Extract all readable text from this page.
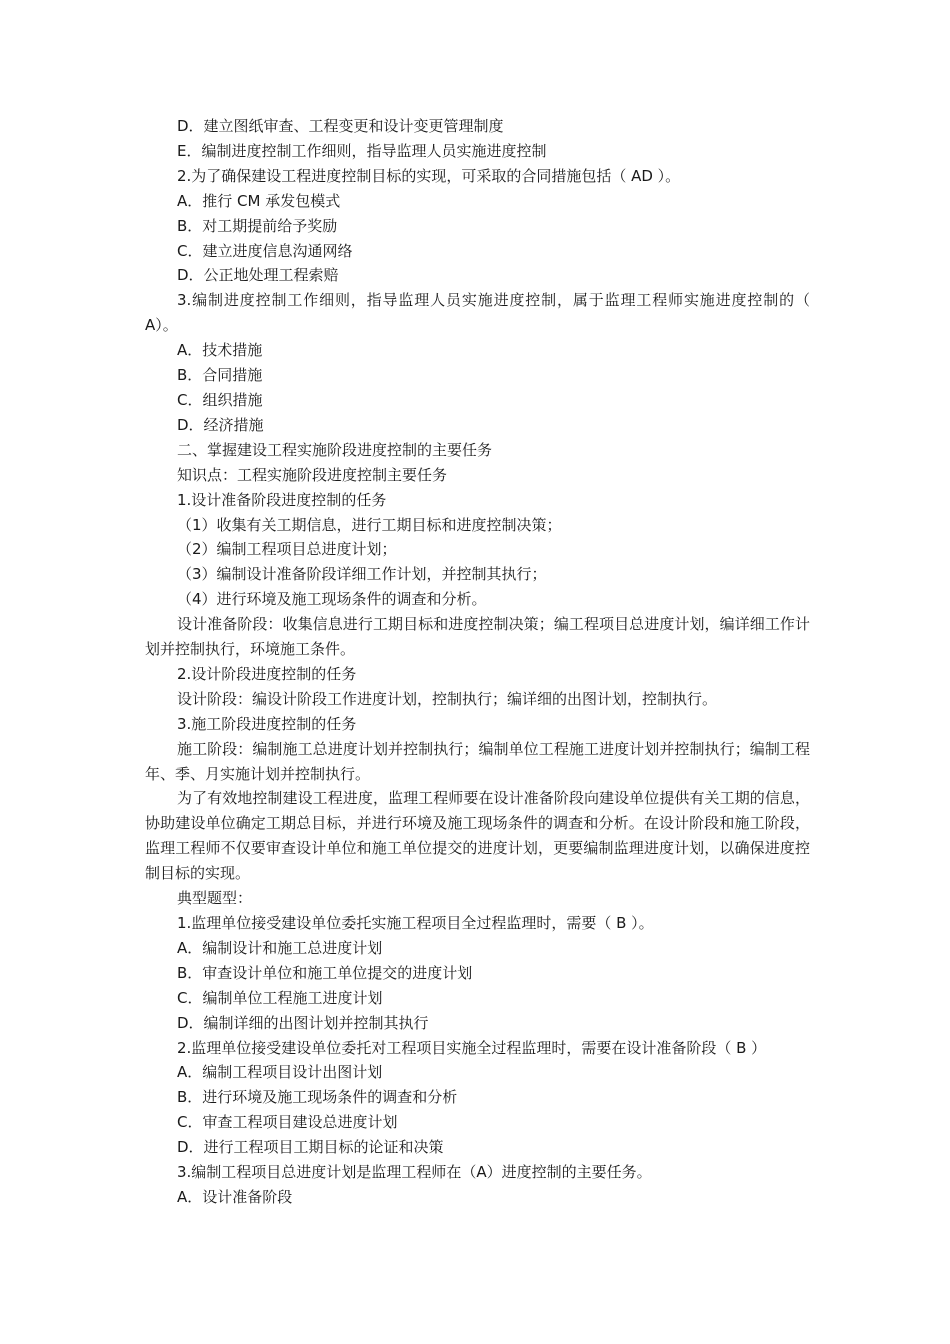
D．建立图纸审查、工程变更和设计变更管理制度
E．编制进度控制工作细则，指导监理人员实施进度控制
2.为了确保建设工程进度控制目标的实现，可采取的合同措施包括（ AD ）。
A．推行 CM 承发包模式
B．对工期提前给予奖励
C．建立进度信息沟通网络
D．公正地处理工程索赔
3.编制进度控制工作细则，指导监理人员实施进度控制，属于监理工程师实施进度控制的（ A）。
A．技术措施
B．合同措施
C．组织措施
D．经济措施
二、掌握建设工程实施阶段进度控制的主要任务
知识点：工程实施阶段进度控制主要任务
1.设计准备阶段进度控制的任务
（1）收集有关工期信息，进行工期目标和进度控制决策；
（2）编制工程项目总进度计划；
（3）编制设计准备阶段详细工作计划，并控制其执行；
（4）进行环境及施工现场条件的调查和分析。
设计准备阶段：收集信息进行工期目标和进度控制决策；编工程项目总进度计划，编详细工作计划并控制执行，环境施工条件。
2.设计阶段进度控制的任务
设计阶段：编设计阶段工作进度计划，控制执行；编详细的出图计划，控制执行。
3.施工阶段进度控制的任务
施工阶段：编制施工总进度计划并控制执行；编制单位工程施工进度计划并控制执行；编制工程年、季、月实施计划并控制执行。
为了有效地控制建设工程进度，监理工程师要在设计准备阶段向建设单位提供有关工期的信息，协助建设单位确定工期总目标，并进行环境及施工现场条件的调查和分析。在设计阶段和施工阶段，监理工程师不仅要审查设计单位和施工单位提交的进度计划，更要编制监理进度计划，以确保进度控制目标的实现。
典型题型：
1.监理单位接受建设单位委托实施工程项目全过程监理时，需要（ B ）。
A．编制设计和施工总进度计划
B．审查设计单位和施工单位提交的进度计划
C．编制单位工程施工进度计划
D．编制详细的出图计划并控制其执行
2.监理单位接受建设单位委托对工程项目实施全过程监理时，需要在设计准备阶段（ B ）
A．编制工程项目设计出图计划
B．进行环境及施工现场条件的调查和分析
C．审查工程项目建设总进度计划
D．进行工程项目工期目标的论证和决策
3.编制工程项目总进度计划是监理工程师在（A）进度控制的主要任务。
A．设计准备阶段
